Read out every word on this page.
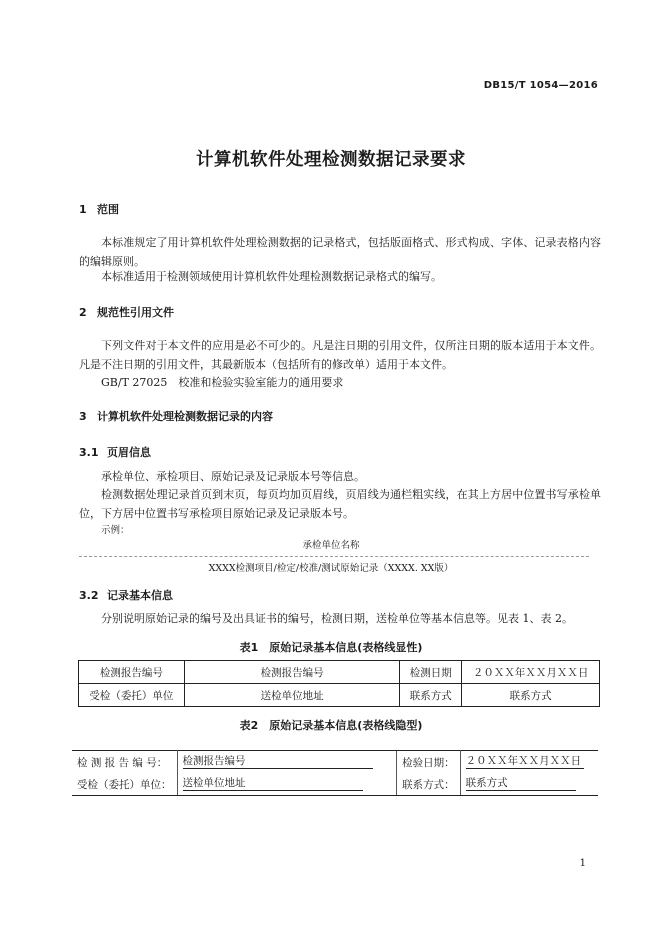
DB15/T 1054—2016
计算机软件处理检测数据记录要求
1 范围
本标准规定了用计算机软件处理检测数据的记录格式，包括版面格式、形式构成、字体、记录表格内容的编辑原则。
本标准适用于检测领域使用计算机软件处理检测数据记录格式的编写。
2 规范性引用文件
下列文件对于本文件的应用是必不可少的。凡是注日期的引用文件，仅所注日期的版本适用于本文件。凡是不注日期的引用文件，其最新版本（包括所有的修改单）适用于本文件。
GB/T 27025　校准和检验实验室能力的通用要求
3 计算机软件处理检测数据记录的内容
3.1 页眉信息
承检单位、承检项目、原始记录及记录版本号等信息。
检测数据处理记录首页到末页，每页均加页眉线，页眉线为通栏粗实线，在其上方居中位置书写承检单位，下方居中位置书写承检项目原始记录及记录版本号。
示例：
承检单位名称
XXXX检测项目/检定/校准/测试原始记录（XXXX. XX版）
3.2 记录基本信息
分别说明原始记录的编号及出具证书的编号，检测日期，送检单位等基本信息等。见表 1、表 2。
表1　原始记录基本信息(表格线显性)
检测报告编号	检测报告编号	检测日期	２０ＸＸ年ＸＸ月ＸＸ日
受检（委托）单位	送检单位地址	联系方式	联系方式
表2　原始记录基本信息(表格线隐型)
检 测 报 告 编 号：	检测报告编号	检验日期：	２０ＸＸ年ＸＸ月ＸＸ日
受检（委托）单位：	送检单位地址	联系方式：	联系方式
1
